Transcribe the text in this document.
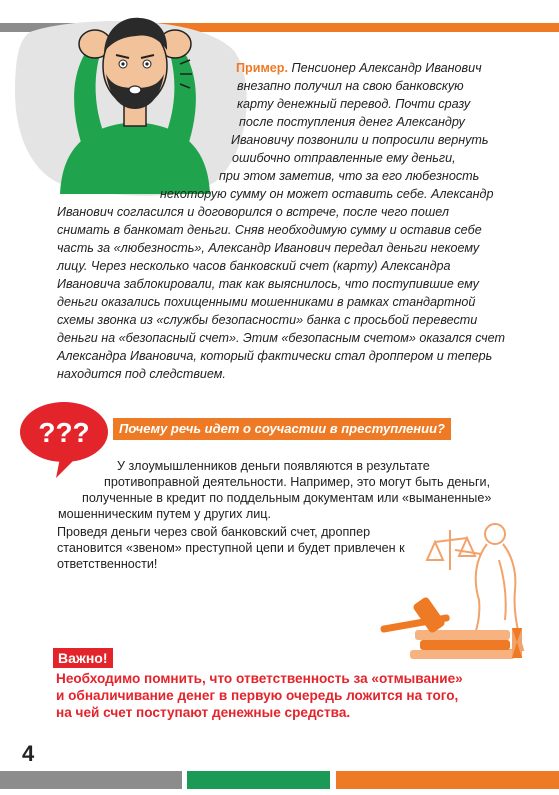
Пример. Пенсионер Александр Иванович
внезапно получил на свою банковскую
карту денежный перевод. Почти сразу
после поступления денег Александру
Ивановичу позвонили и попросили вернуть
ошибочно отправленные ему деньги,
при этом заметив, что за его любезность
некоторую сумму он может оставить себе. Александр
Иванович согласился и договорился о встрече, после чего пошел
снимать в банкомат деньги. Сняв необходимую сумму и оставив себе
часть за «любезность», Александр Иванович передал деньги некоему
лицу. Через несколько часов банковский счет (карту) Александра
Ивановича заблокировали, так как выяснилось, что поступившие ему
деньги оказались похищенными мошенниками в рамках стандартной
схемы звонка из «службы безопасности» банка с просьбой перевести
деньги на «безопасный счет». Этим «безопасным счетом» оказался счет
Александра Ивановича, который фактически стал дроппером и теперь
находится под следствием.
???	Почему речь идет о соучастии в преступлении?
У злоумышленников деньги появляются в результате
противоправной деятельности. Например, это могут быть деньги,
полученные в кредит по поддельным документам или «выманенные»
мошенническим путем у других лиц.
Проведя деньги через свой банковский счет, дроппер
становится «звеном» преступной цепи и будет привлечен к
ответственности!
Важно!
Необходимо помнить, что ответственность за «отмывание»
и обналичивание денег в первую очередь ложится на того,
на чей счет поступают денежные средства.
4
